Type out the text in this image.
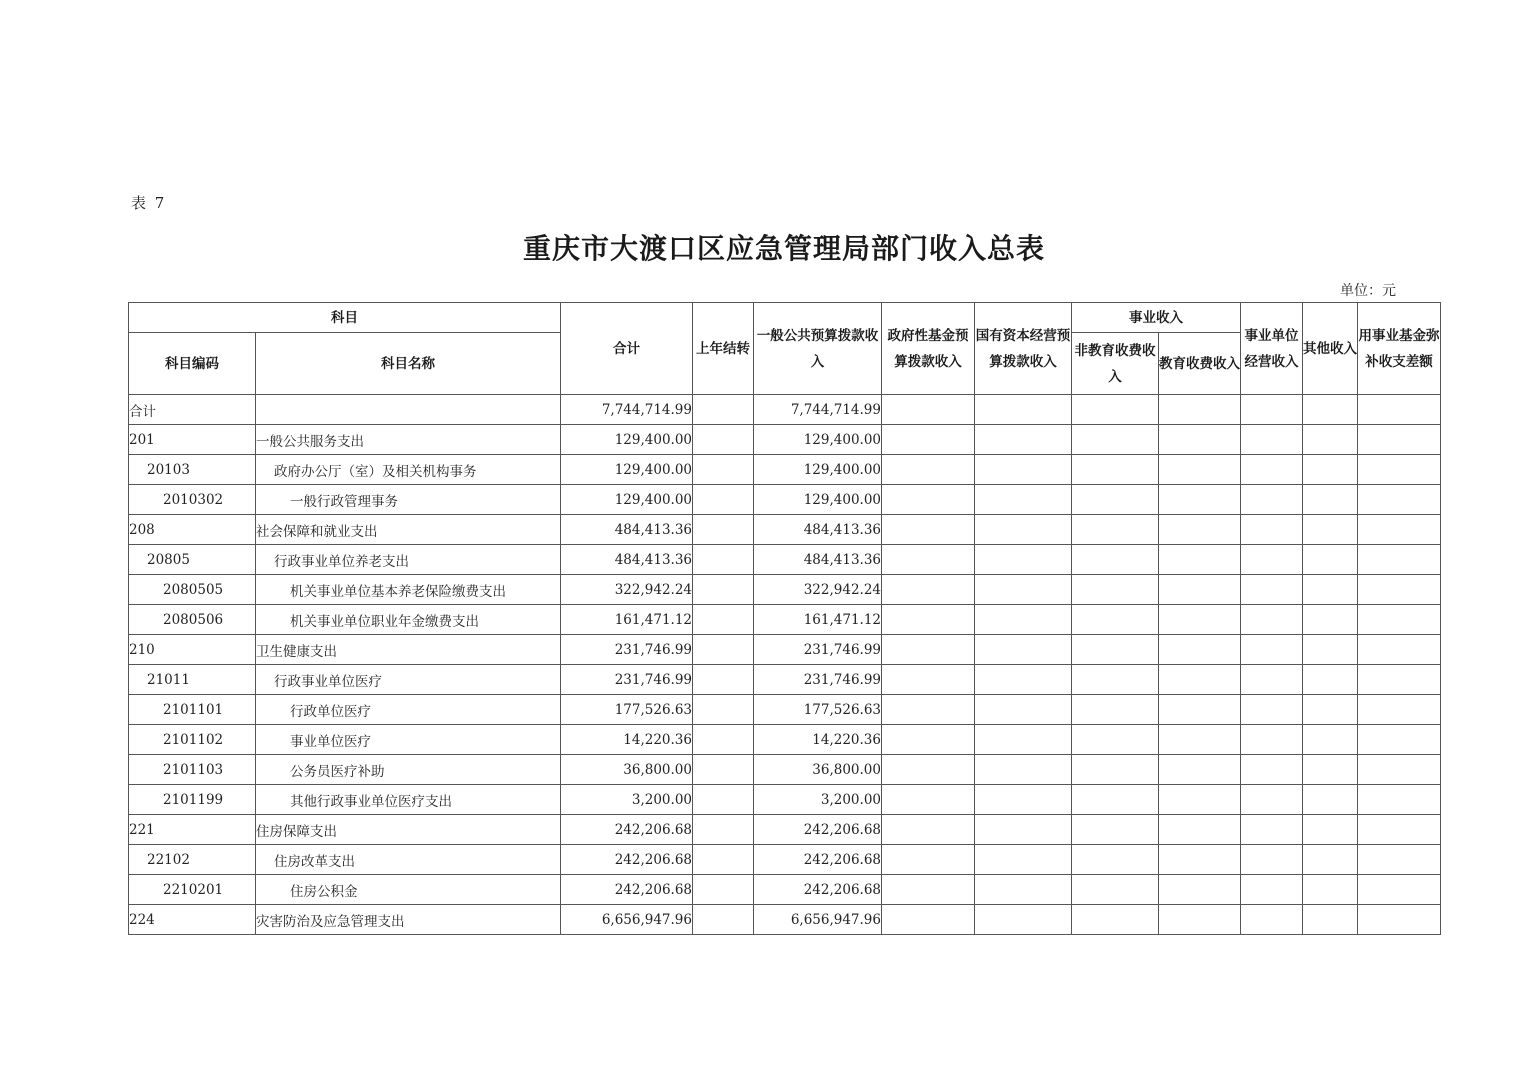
表 7
重庆市大渡口区应急管理局部门收入总表
单位：元
科目		合计	上年结转	一般公共预算拨款收入	政府性基金预算拨款收入	国有资本经营预算拨款收入	事业收入		事业单位经营收入	其他收入	用事业基金弥补收支差额
科目编码	科目名称						非教育收费收入	教育收费收入			
合计		7,744,714.99		7,744,714.99							
201	一般公共服务支出	129,400.00		129,400.00							
20103	政府办公厅（室）及相关机构事务	129,400.00		129,400.00							
2010302	一般行政管理事务	129,400.00		129,400.00							
208	社会保障和就业支出	484,413.36		484,413.36							
20805	行政事业单位养老支出	484,413.36		484,413.36							
2080505	机关事业单位基本养老保险缴费支出	322,942.24		322,942.24							
2080506	机关事业单位职业年金缴费支出	161,471.12		161,471.12							
210	卫生健康支出	231,746.99		231,746.99							
21011	行政事业单位医疗	231,746.99		231,746.99							
2101101	行政单位医疗	177,526.63		177,526.63							
2101102	事业单位医疗	14,220.36		14,220.36							
2101103	公务员医疗补助	36,800.00		36,800.00							
2101199	其他行政事业单位医疗支出	3,200.00		3,200.00							
221	住房保障支出	242,206.68		242,206.68							
22102	住房改革支出	242,206.68		242,206.68							
2210201	住房公积金	242,206.68		242,206.68							
224	灾害防治及应急管理支出	6,656,947.96		6,656,947.96							
